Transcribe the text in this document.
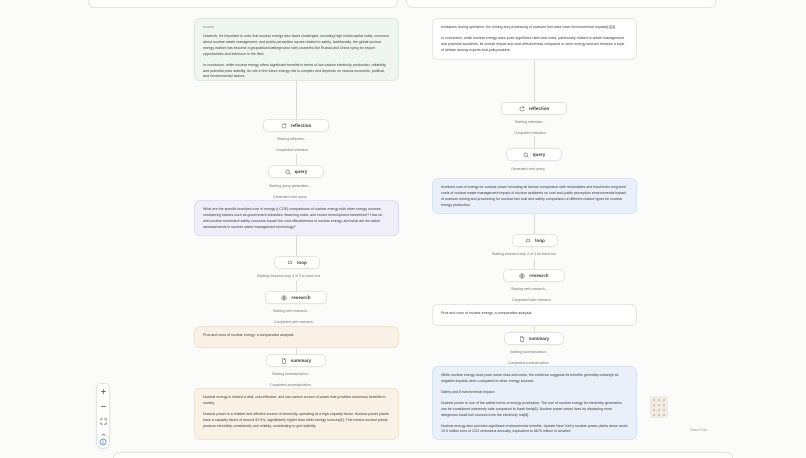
source

However, it's important to note that nuclear energy also faces challenges, including high initial capital costs, concerns about nuclear waste management, and public perception issues related to safety. Additionally, the global nuclear energy market has become a geopolitical battleground, with countries like Russia and China vying for export opportunities and influence in the field.

In conclusion, while nuclear energy offers significant benefits in terms of low-carbon electricity production, reliability, and potential price stability, its role in the future energy mix is complex and depends on various economic, political, and environmental factors.

reflection
Starting reflection...
Completed reflection
query
Starting query generation...
Generated next query

What are the specific levelized cost of energy (LCOE) comparisons of nuclear energy with other energy sources, considering factors such as government subsidies, financing costs, and recent development investment? How do anti-nuclear movement safety concerns impact the cost-effectiveness of nuclear energy, and what are the latest advancements in nuclear waste management technology?

loop
Starting research loop 2 of 3 to track one
research
Starting web research...
Completed web research

Pros and cons of nuclear energy: a comparative analysis.

summary
Starting summarization...
Completed summarization

Nuclear energy is indeed a vital, cost-effective, and low-carbon source of power that provides numerous benefits to society.

Nuclear power is a reliable and efficient source of electricity, operating at a high capacity factor. Nuclear power plants have a capacity factor of around 92.5%, significantly higher than other energy sources[4]. This means nuclear plants produce electricity consistently and reliably, contributing to grid stability.

emissions during operation, the mining and processing of uranium fuel does have environmental impacts[1][5].

In conclusion, while nuclear energy does pose significant risks and costs, particularly related to waste management and potential accidents, its overall impact and cost-effectiveness compared to other energy sources remains a topic of debate among experts and policymakers.

reflection
Starting reflection...
Completed reflection
query
Generated next query

levelized cost of energy for nuclear power including all factors comparison with renewables and fossil fuels long-term costs of nuclear waste management impact of nuclear accidents on cost and public perception environmental impact of uranium mining and processing for nuclear fuel cost and safety comparison of different reactor types for nuclear energy production.

loop
Starting research loop 2 of 3 for track two
research
Starting web research...
Completed web research

Pros and cons of nuclear energy: a comparative analysis.

summary
Starting summarization...
Completed summarization

While nuclear energy does pose some risks and costs, the evidence suggests its benefits generally outweigh its negative impacts when compared to other energy sources.

Safety and Environmental Impact:

Nuclear power is one of the safest forms of energy production. The use of nuclear energy for electricity generation can be considered extremely safe compared to fossil fuels[6]. Nuclear power saves lives by displacing more dangerous fossil fuel sources from the electricity mix[8].

Nuclear energy also provides significant environmental benefits. Update New York's nuclear power plants alone avoid 15.5 million tons of CO2 emissions annually, equivalent to 8675 million in avoided	React Flow
